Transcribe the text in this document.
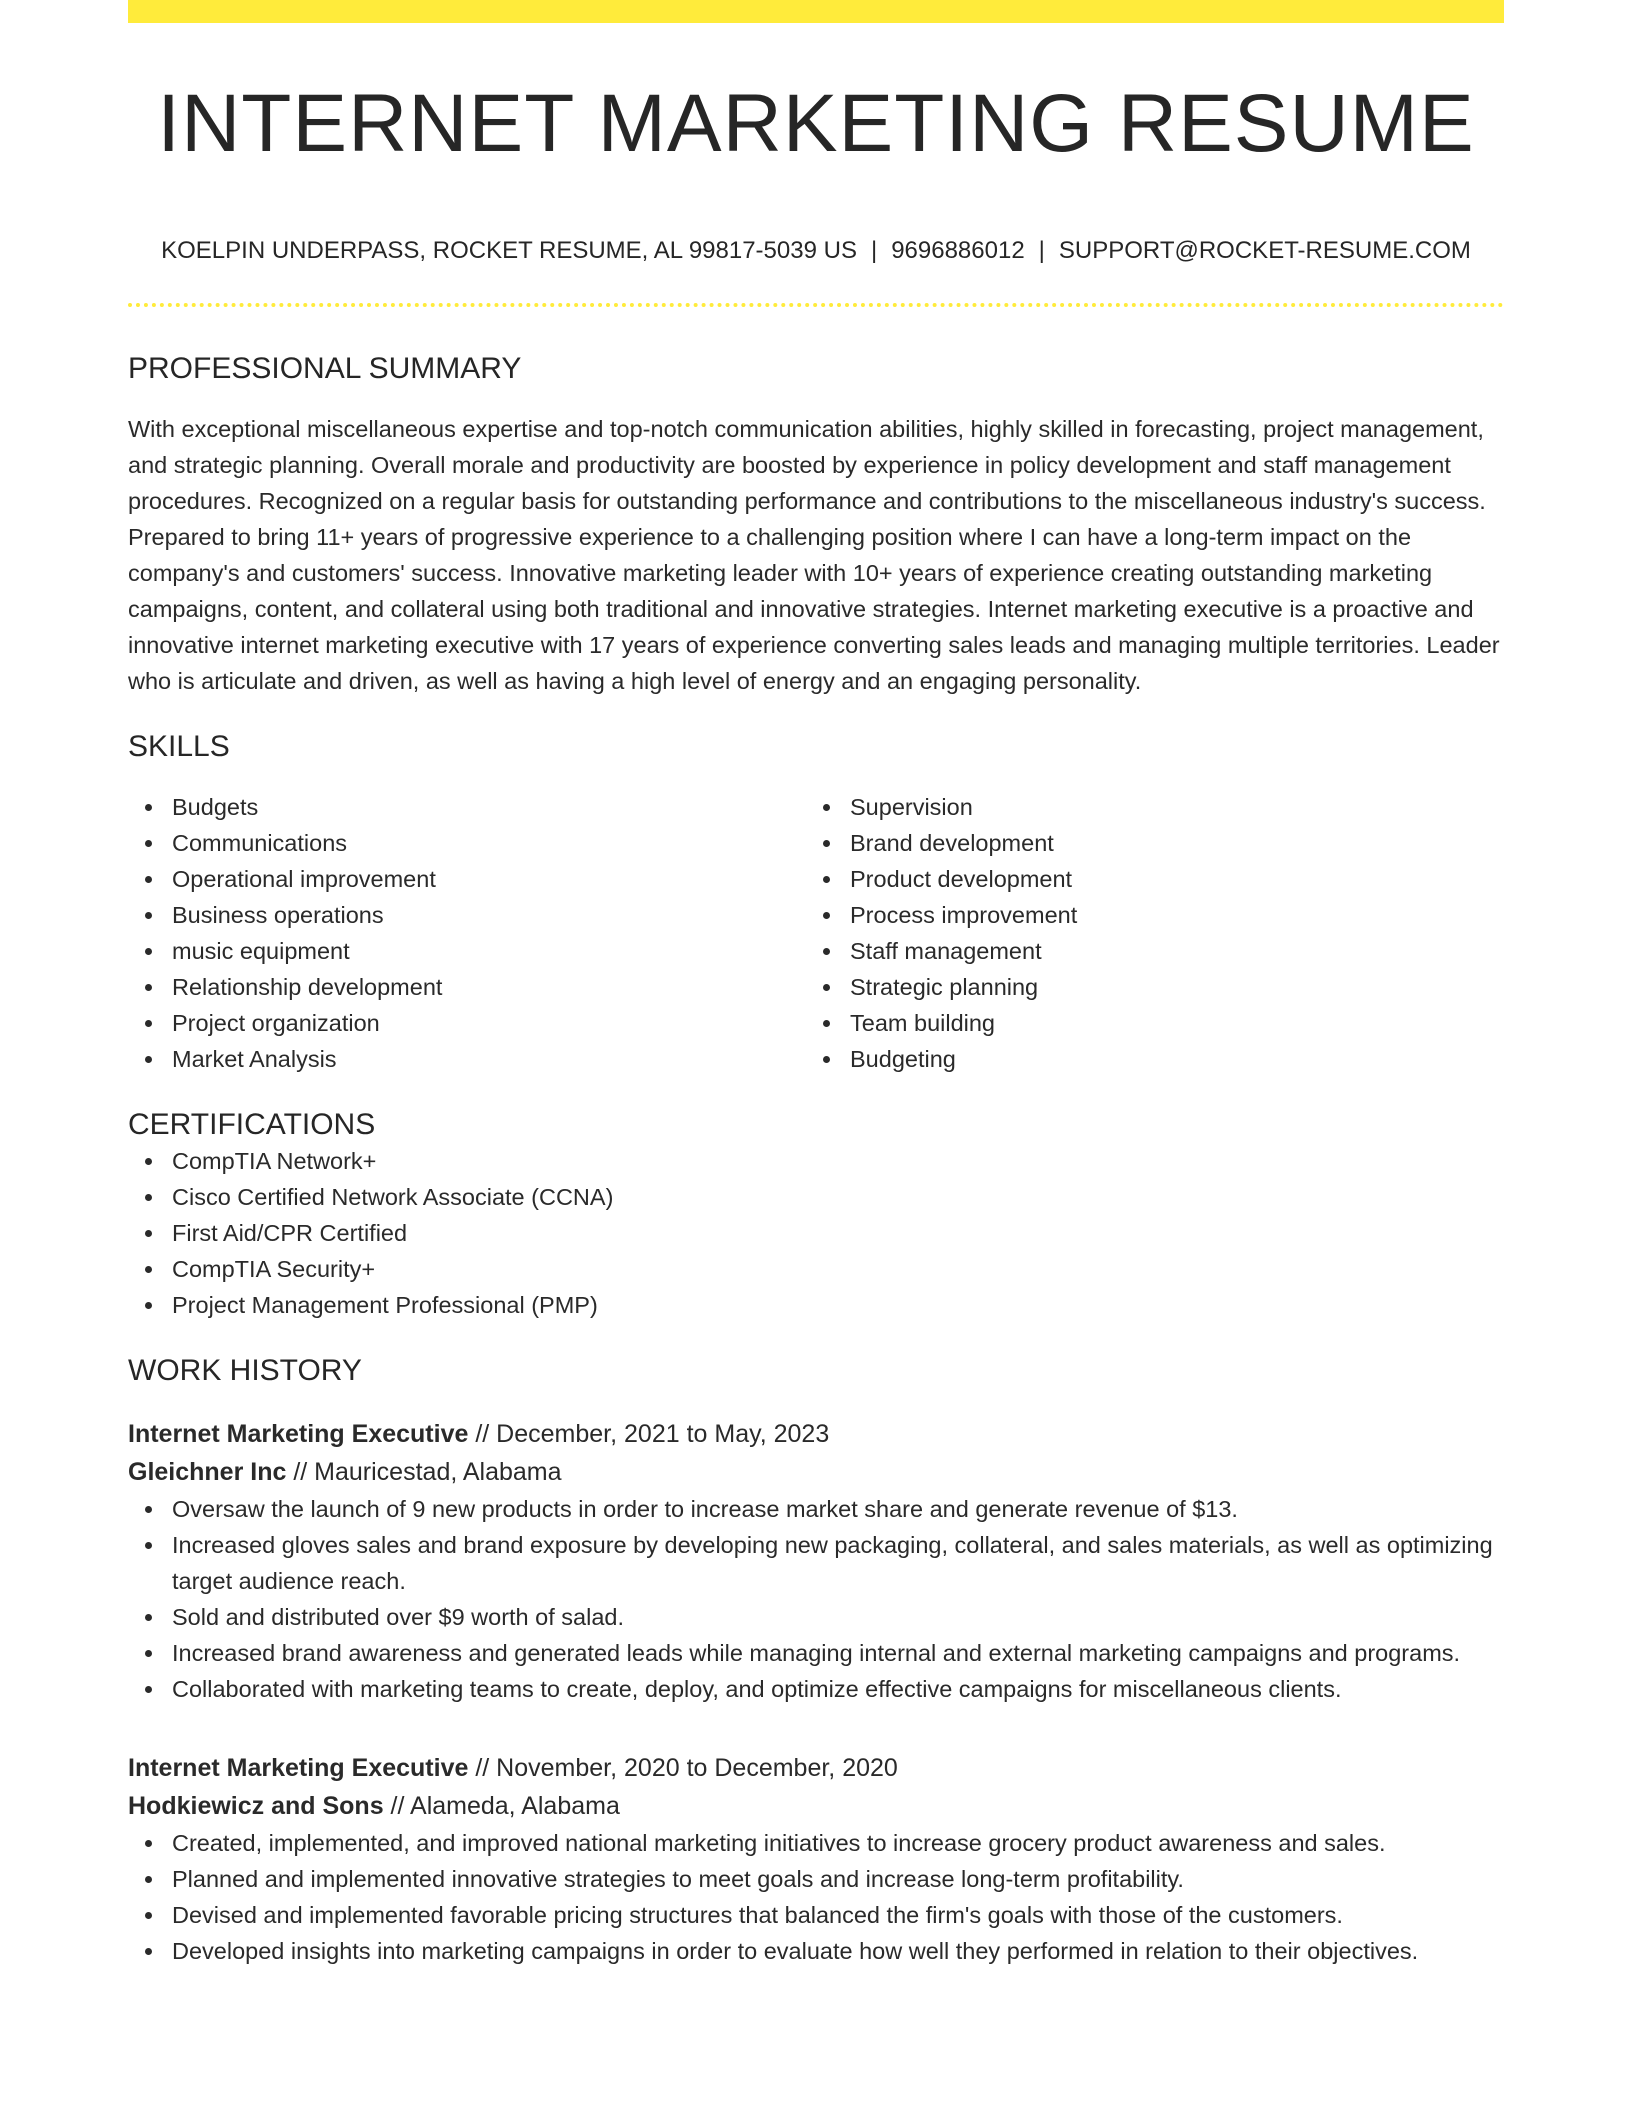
INTERNET MARKETING RESUME
KOELPIN UNDERPASS, ROCKET RESUME, AL 99817-5039 US | 9696886012 | SUPPORT@ROCKET-RESUME.COM
PROFESSIONAL SUMMARY

With exceptional miscellaneous expertise and top-notch communication abilities, highly skilled in forecasting, project management, and strategic planning. Overall morale and productivity are boosted by experience in policy development and staff management procedures. Recognized on a regular basis for outstanding performance and contributions to the miscellaneous industry's success. Prepared to bring 11+ years of progressive experience to a challenging position where I can have a long-term impact on the company's and customers' success. Innovative marketing leader with 10+ years of experience creating outstanding marketing campaigns, content, and collateral using both traditional and innovative strategies. Internet marketing executive is a proactive and innovative internet marketing executive with 17 years of experience converting sales leads and managing multiple territories. Leader who is articulate and driven, as well as having a high level of energy and an engaging personality.

SKILLS
Budgets
Communications
Operational improvement
Business operations
music equipment
Relationship development
Project organization
Market Analysis
Supervision
Brand development
Product development
Process improvement
Staff management
Strategic planning
Team building
Budgeting
CERTIFICATIONS
CompTIA Network+
Cisco Certified Network Associate (CCNA)
First Aid/CPR Certified
CompTIA Security+
Project Management Professional (PMP)
WORK HISTORY
Internet Marketing Executive // December, 2021 to May, 2023
Gleichner Inc // Mauricestad, Alabama
Oversaw the launch of 9 new products in order to increase market share and generate revenue of $13.
Increased gloves sales and brand exposure by developing new packaging, collateral, and sales materials, as well as optimizing target audience reach.
Sold and distributed over $9 worth of salad.
Increased brand awareness and generated leads while managing internal and external marketing campaigns and programs.
Collaborated with marketing teams to create, deploy, and optimize effective campaigns for miscellaneous clients.
Internet Marketing Executive // November, 2020 to December, 2020
Hodkiewicz and Sons // Alameda, Alabama
Created, implemented, and improved national marketing initiatives to increase grocery product awareness and sales.
Planned and implemented innovative strategies to meet goals and increase long-term profitability.
Devised and implemented favorable pricing structures that balanced the firm's goals with those of the customers.
Developed insights into marketing campaigns in order to evaluate how well they performed in relation to their objectives.
